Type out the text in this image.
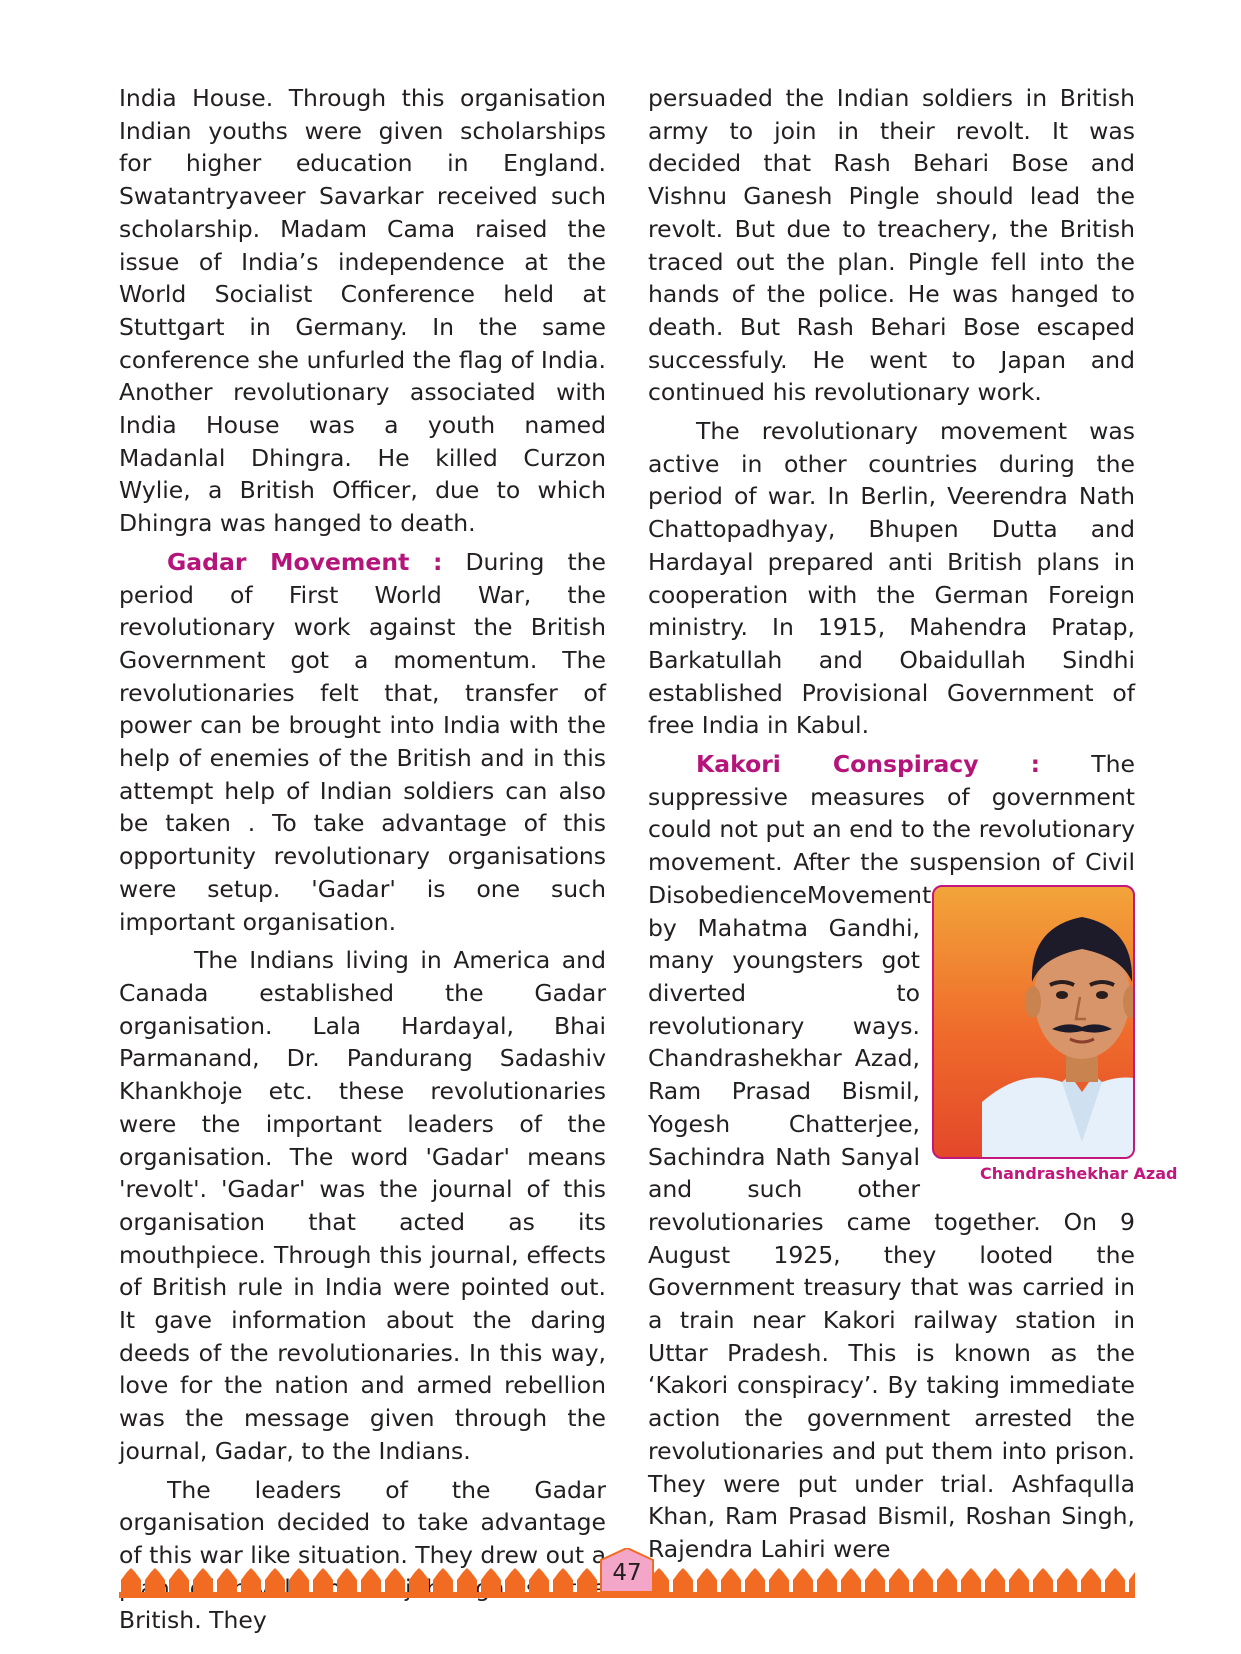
India House. Through this organisation Indian youths were given scholarships for higher education in England. Swatantryaveer Savarkar received such scholarship. Madam Cama raised the issue of India’s independence at the World Socialist Conference held at Stuttgart in Germany. In the same conference she unfurled the flag of India. Another revolutionary associated with India House was a youth named Madanlal Dhingra. He killed Curzon Wylie, a British Officer, due to which Dhingra was hanged to death.

Gadar Movement : During the period of First World War, the revolutionary work against the British Government got a momentum. The revolutionaries felt that, transfer of power can be brought into India with the help of enemies of the British and in this attempt help of Indian soldiers can also be taken . To take advantage of this opportunity revolutionary organisations were setup. 'Gadar' is one such important organisation.

The Indians living in America and Canada established the Gadar organisation. Lala Hardayal, Bhai Parmanand, Dr. Pandurang Sadashiv Khankhoje etc. these revolutionaries were the important leaders of the organisation. The word 'Gadar' means 'revolt'. 'Gadar' was the journal of this organisation that acted as its mouthpiece. Through this journal, effects of British rule in India were pointed out. It gave information about the daring deeds of the revolutionaries. In this way, love for the nation and armed rebellion was the message given through the journal, Gadar, to the Indians.

The leaders of the Gadar organisation decided to take advantage British. They

persuaded the Indian soldiers in British army to join in their revolt. It was decided that Rash Behari Bose and Vishnu Ganesh Pingle should lead the revolt. But due to treachery, the British traced out the plan. Pingle fell into the hands of the police. He was hanged to death. But Rash Behari Bose escaped successfuly. He went to Japan and continued his revolutionary work.

The revolutionary movement was active in other countries during the period of war. In Berlin, Veerendra Nath Chattopadhyay, Bhupen Dutta and Hardayal prepared anti British plans in cooperation with the German Foreign ministry. In 1915, Mahendra Pratap, Barkatullah and Obaidullah Sindhi established Provisional Government of free India in Kabul.

Kakori Conspiracy : The suppressive measures of government could not put an end to the revolutionary movement. After the suspension of Civil Disobedience
Chandrashekhar Azad
Movement by Mahatma Gandhi, many youngsters got diverted to revolutionary ways. Chandrashekhar Azad, Ram Prasad Bismil, Yogesh Chatterjee, Sachindra Nath Sanyal and such other revolutionaries came together. On 9 August 1925, they looted the Government treasury that was carried in a train near Kakori railway station in Uttar Pradesh. This is known as the ‘Kakori conspiracy’. By taking immediate action the government arrested the revolutionaries and put them into prison. They were put under trial. Ashfaqulla Khan, Ram Prasad Bismil, Roshan Singh,

47
